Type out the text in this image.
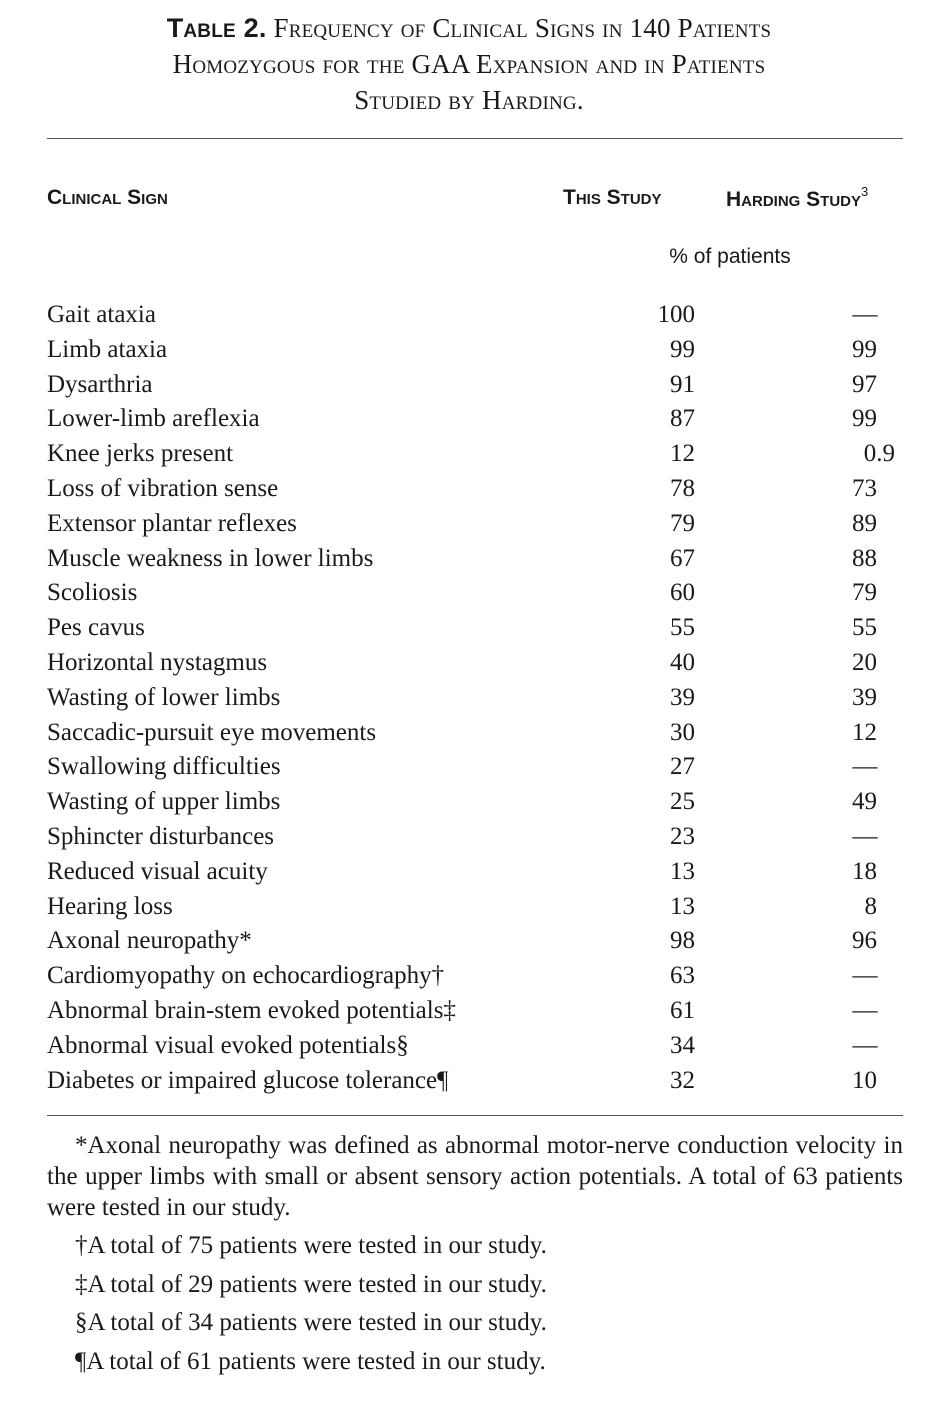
Table 2. Frequency of Clinical Signs in 140 Patients
Homozygous for the GAA Expansion and in Patients
Studied by Harding.
Clinical Sign	This Study	Harding Study$^3$
% of patients
Gait ataxia	100	—
Limb ataxia	99	99
Dysarthria	91	97
Lower-limb areflexia	87	99
Knee jerks present	12	0.9
Loss of vibration sense	78	73
Extensor plantar reflexes	79	89
Muscle weakness in lower limbs	67	88
Scoliosis	60	79
Pes cavus	55	55
Horizontal nystagmus	40	20
Wasting of lower limbs	39	39
Saccadic-pursuit eye movements	30	12
Swallowing difficulties	27	—
Wasting of upper limbs	25	49
Sphincter disturbances	23	—
Reduced visual acuity	13	18
Hearing loss	13	8
Axonal neuropathy*	98	96
Cardiomyopathy on echocardiography†	63	—
Abnormal brain-stem evoked potentials‡	61	—
Abnormal visual evoked potentials§	34	—
Diabetes or impaired glucose tolerance¶	32	10

*Axonal neuropathy was defined as abnormal motor-nerve conduction velocity in the upper limbs with small or absent sensory action potentials. A total of 63 patients were tested in our study.

†A total of 75 patients were tested in our study.

‡A total of 29 patients were tested in our study.

§A total of 34 patients were tested in our study.

¶A total of 61 patients were tested in our study.
